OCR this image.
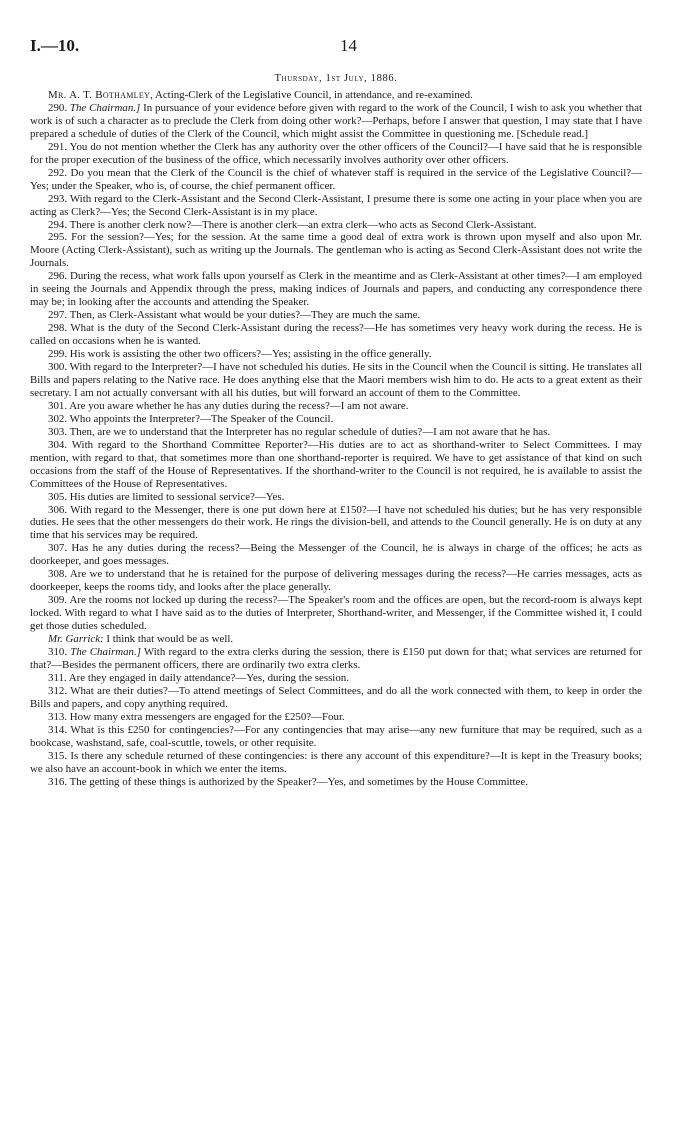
I.—10.	14
Thursday, 1st July, 1886.

Mr. A. T. Bothamley, Acting-Clerk of the Legislative Council, in attendance, and re-examined.

290. The Chairman.] In pursuance of your evidence before given with regard to the work of the Council, I wish to ask you whether that work is of such a character as to preclude the Clerk from doing other work?—Perhaps, before I answer that question, I may state that I have prepared a schedule of duties of the Clerk of the Council, which might assist the Committee in questioning me. [Schedule read.]

291. You do not mention whether the Clerk has any authority over the other officers of the Council?—I have said that he is responsible for the proper execution of the business of the office, which necessarily involves authority over other officers.

292. Do you mean that the Clerk of the Council is the chief of whatever staff is required in the service of the Legislative Council?—Yes; under the Speaker, who is, of course, the chief permanent officer.

293. With regard to the Clerk-Assistant and the Second Clerk-Assistant, I presume there is some one acting in your place when you are acting as Clerk?—Yes; the Second Clerk-Assistant is in my place.

294. There is another clerk now?—There is another clerk—an extra clerk—who acts as Second Clerk-Assistant.

295. For the session?—Yes; for the session. At the same time a good deal of extra work is thrown upon myself and also upon Mr. Moore (Acting Clerk-Assistant), such as writing up the Journals. The gentleman who is acting as Second Clerk-Assistant does not write the Journals.

296. During the recess, what work falls upon yourself as Clerk in the meantime and as Clerk-Assistant at other times?—I am employed in seeing the Journals and Appendix through the press, making indices of Journals and papers, and conducting any correspondence there may be; in looking after the accounts and attending the Speaker.

297. Then, as Clerk-Assistant what would be your duties?—They are much the same.

298. What is the duty of the Second Clerk-Assistant during the recess?—He has sometimes very heavy work during the recess. He is called on occasions when he is wanted.

299. His work is assisting the other two officers?—Yes; assisting in the office generally.

300. With regard to the Interpreter?—I have not scheduled his duties. He sits in the Council when the Council is sitting. He translates all Bills and papers relating to the Native race. He does anything else that the Maori members wish him to do. He acts to a great extent as their secretary. I am not actually conversant with all his duties, but will forward an account of them to the Committee.

301. Are you aware whether he has any duties during the recess?—I am not aware.

302. Who appoints the Interpreter?—The Speaker of the Council.

303. Then, are we to understand that the Interpreter has no regular schedule of duties?—I am not aware that he has.

304. With regard to the Shorthand Committee Reporter?—His duties are to act as shorthand-writer to Select Committees. I may mention, with regard to that, that sometimes more than one shorthand-reporter is required. We have to get assistance of that kind on such occasions from the staff of the House of Representatives. If the shorthand-writer to the Council is not required, he is available to assist the Committees of the House of Representatives.

305. His duties are limited to sessional service?—Yes.

306. With regard to the Messenger, there is one put down here at £150?—I have not scheduled his duties; but he has very responsible duties. He sees that the other messengers do their work. He rings the division-bell, and attends to the Council generally. He is on duty at any time that his services may be required.

307. Has he any duties during the recess?—Being the Messenger of the Council, he is always in charge of the offices; he acts as doorkeeper, and goes messages.

308. Are we to understand that he is retained for the purpose of delivering messages during the recess?—He carries messages, acts as doorkeeper, keeps the rooms tidy, and looks after the place generally.

309. Are the rooms not locked up during the recess?—The Speaker's room and the offices are open, but the record-room is always kept locked. With regard to what I have said as to the duties of Interpreter, Shorthand-writer, and Messenger, if the Committee wished it, I could get those duties scheduled.

Mr. Garrick: I think that would be as well.

310. The Chairman.] With regard to the extra clerks during the session, there is £150 put down for that; what services are returned for that?—Besides the permanent officers, there are ordinarily two extra clerks.

311. Are they engaged in daily attendance?—Yes, during the session.

312. What are their duties?—To attend meetings of Select Committees, and do all the work connected with them, to keep in order the Bills and papers, and copy anything required.

313. How many extra messengers are engaged for the £250?—Four.

314. What is this £250 for contingencies?—For any contingencies that may arise—any new furniture that may be required, such as a bookcase, washstand, safe, coal-scuttle, towels, or other requisite.

315. Is there any schedule returned of these contingencies: is there any account of this expenditure?—It is kept in the Treasury books; we also have an account-book in which we enter the items.

316. The getting of these things is authorized by the Speaker?—Yes, and sometimes by the House Committee.
